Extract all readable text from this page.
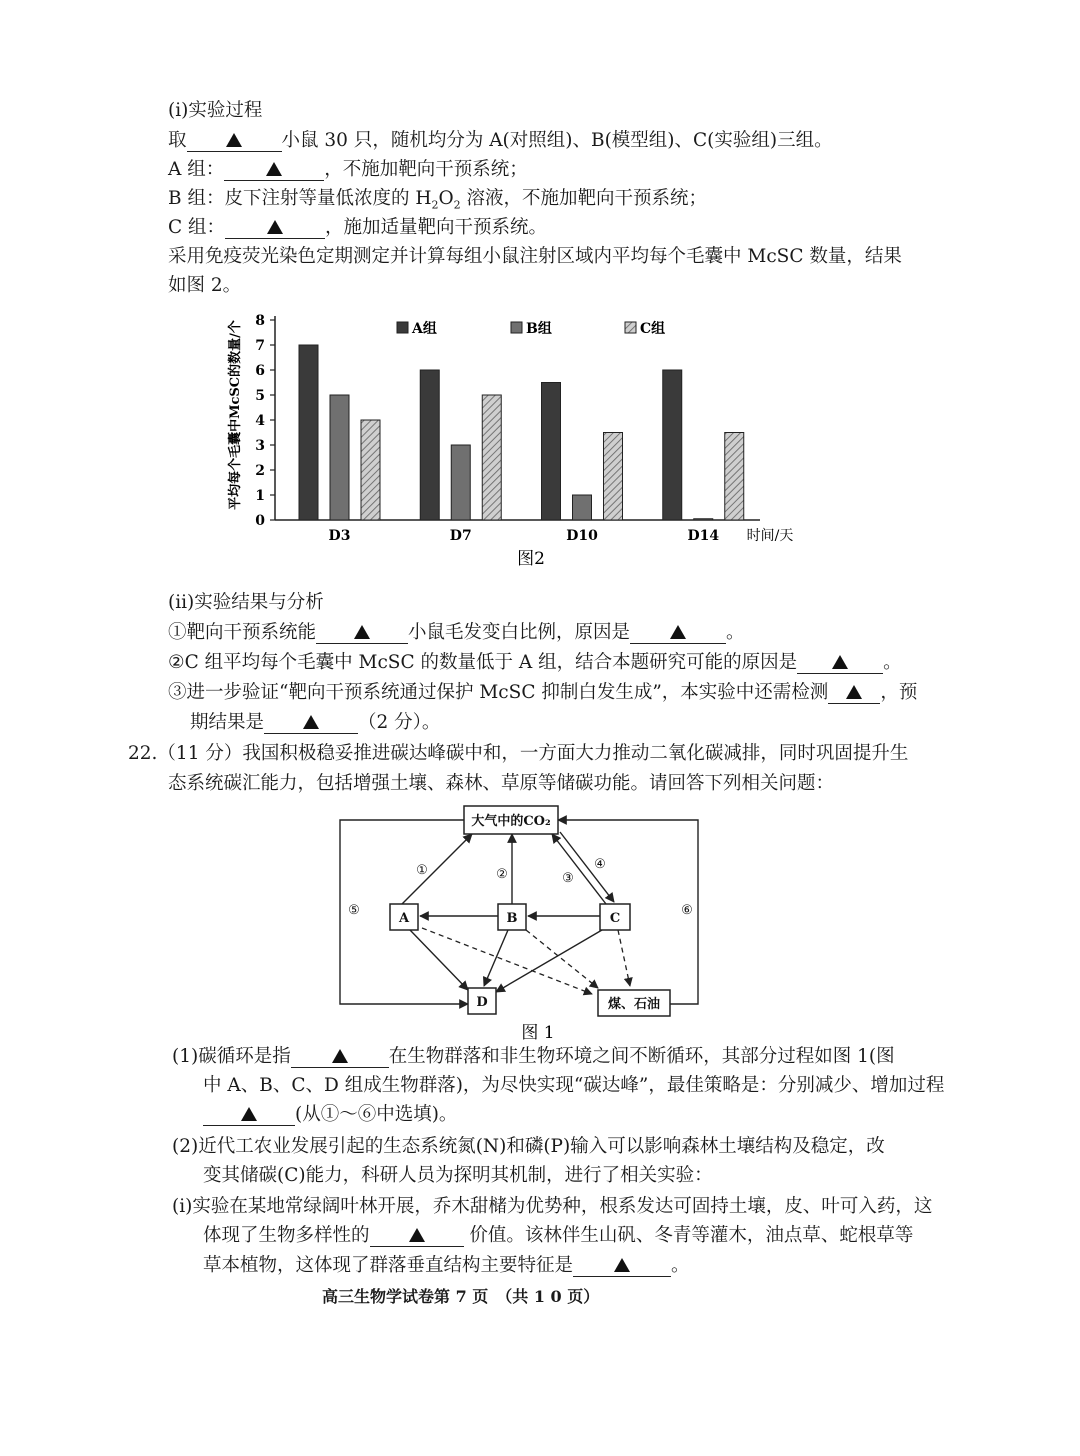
(i)实验过程
取	小鼠 30 只，随机均分为 A(对照组)、B(模型组)、C(实验组)三组。
A 组：	，不施加靶向干预系统；
B 组：皮下注射等量低浓度的 $H_2O_2$ 溶液，不施加靶向干预系统；
C 组：	，施加适量靶向干预系统。
采用免疫荧光染色定期测定并计算每组小鼠注射区域内平均每个毛囊中 McSC 数量，结果
如图 2。
0
1
2
3
4
5
6
7
8
D3	D7	D10	D14
A组	B组	C组
平均每个毛囊中McSC的数量/个
时间/天
图2
(ii)实验结果与分析
①靶向干预系统能	小鼠毛发变白比例，原因是	。
②C 组平均每个毛囊中 McSC 的数量低于 A 组，结合本题研究可能的原因是	。
③进一步验证“靶向干预系统通过保护 McSC 抑制白发生成”，本实验中还需检测	，预
期结果是	（2 分）。
22.（11 分）我国积极稳妥推进碳达峰碳中和，一方面大力推动二氧化碳减排，同时巩固提升生
态系统碳汇能力，包括增强土壤、森林、草原等储碳功能。请回答下列相关问题：
大气中的CO₂
A	B	C
D	煤、石油
①	②	③
④
⑤	⑥
图 1
(1)碳循环是指	在生物群落和非生物环境之间不断循环，其部分过程如图 1(图
中 A、B、C、D 组成生物群落)，为尽快实现“碳达峰”，最佳策略是：分别减少、增加过程
(从①～⑥中选填)。
(2)近代工农业发展引起的生态系统氮(N)和磷(P)输入可以影响森林土壤结构及稳定，改
变其储碳(C)能力，科研人员为探明其机制，进行了相关实验：
(i)实验在某地常绿阔叶林开展，乔木甜槠为优势种，根系发达可固持土壤，皮、叶可入药，这
体现了生物多样性的	价值。该林伴生山矾、冬青等灌木，油点草、蛇根草等
草本植物，这体现了群落垂直结构主要特征是	。
高三生物学试卷第 7 页　（共 1 0 页）
